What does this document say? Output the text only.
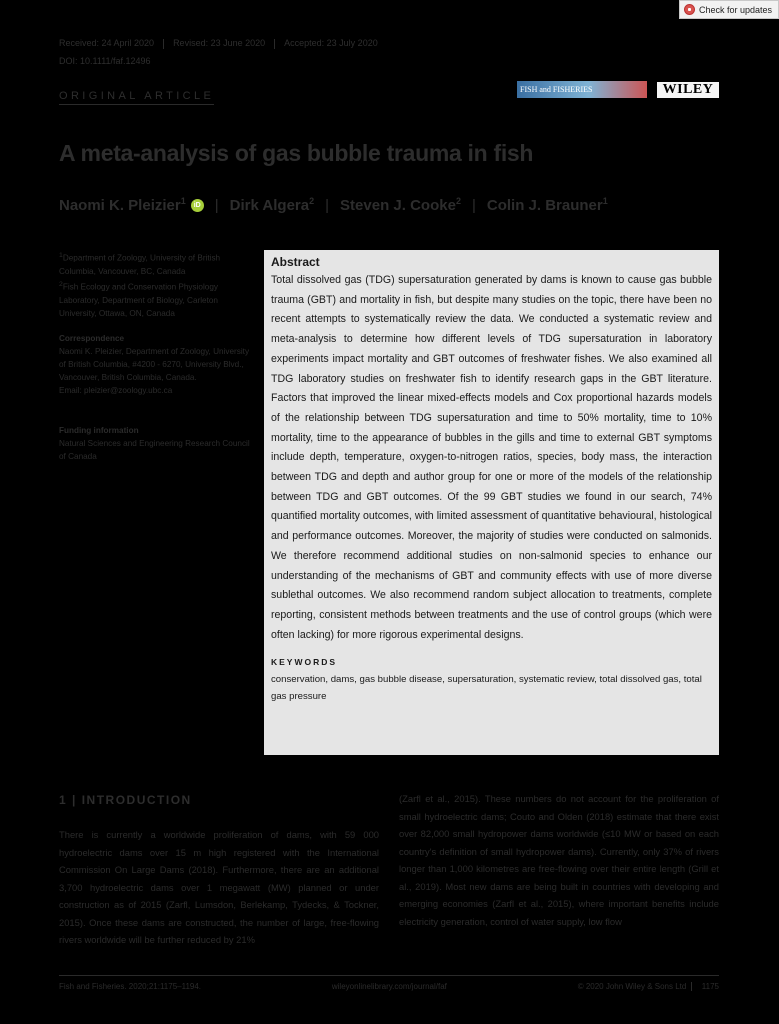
Check for updates
Received: 24 April 2020 Revised: 23 June 2020 Accepted: 23 July 2020
DOI: 10.1111/faf.12496
ORIGINAL ARTICLE
FISH and FISHERIES	WILEY
A meta-analysis of gas bubble trauma in fish
Naomi K. Pleizier$^1$	iD | Dirk Algera$^2$ | Steven J. Cooke$^2$ | Colin J. Brauner$^1$
$^1$Department of Zoology, University of British Columbia, Vancouver, BC, Canada
$^2$Fish Ecology and Conservation Physiology Laboratory, Department of Biology, Carleton University, Ottawa, ON, Canada
Correspondence
Naomi K. Pleizier, Department of Zoology, University of British Columbia, #4200 - 6270, University Blvd., Vancouver, British Columbia, Canada.
Email: pleizier@zoology.ubc.ca
Funding information
Natural Sciences and Engineering Research Council of Canada
Abstract
Total dissolved gas (TDG) supersaturation generated by dams is known to cause gas bubble trauma (GBT) and mortality in fish, but despite many studies on the topic, there have been no recent attempts to systematically review the data. We conducted a systematic review and meta-analysis to determine how different levels of TDG supersaturation in laboratory experiments impact mortality and GBT outcomes of freshwater fishes. We also examined all TDG laboratory studies on freshwater fish to identify research gaps in the GBT literature. Factors that improved the linear mixed-effects models and Cox proportional hazards models of the relationship between TDG supersaturation and time to 50% mortality, time to 10% mortality, time to the appearance of bubbles in the gills and time to external GBT symptoms include depth, temperature, oxygen-to-nitrogen ratios, species, body mass, the interaction between TDG and depth and author group for one or more of the models of the relationship between TDG and GBT outcomes. Of the 99 GBT studies we found in our search, 74% quantified mortality outcomes, with limited assessment of quantitative behavioural, histological and performance outcomes. Moreover, the majority of studies were conducted on salmonids. We therefore recommend additional studies on non-salmonid species to enhance our understanding of the mechanisms of GBT and community effects with use of more diverse sublethal outcomes. We also recommend random subject allocation to treatments, complete reporting, consistent methods between treatments and the use of control groups (which were often lacking) for more rigorous experimental designs.
KEYWORDS
conservation, dams, gas bubble disease, supersaturation, systematic review, total dissolved gas, total gas pressure
1 | INTRODUCTION
There is currently a worldwide proliferation of dams, with 59 000 hydroelectric dams over 15 m high registered with the International Commission On Large Dams (2018). Furthermore, there are an additional 3,700 hydroelectric dams over 1 megawatt (MW) planned or under construction as of 2015 (Zarfl, Lumsdon, Berlekamp, Tydecks, & Tockner, 2015). Once these dams are constructed, the number of large, free-flowing rivers worldwide will be further reduced by 21%
(Zarfl et al., 2015). These numbers do not account for the proliferation of small hydroelectric dams; Couto and Olden (2018) estimate that there exist over 82,000 small hydropower dams worldwide (≤10 MW or based on each country's definition of small hydropower dams). Currently, only 37% of rivers longer than 1,000 kilometres are free-flowing over their entire length (Grill et al., 2019). Most new dams are being built in countries with developing and emerging economies (Zarfl et al., 2015), where important benefits include electricity generation, control of water supply, low flow
Fish and Fisheries. 2020;21:1175–1194.	wileyonlinelibrary.com/journal/faf	© 2020 John Wiley & Sons Ltd 1175
